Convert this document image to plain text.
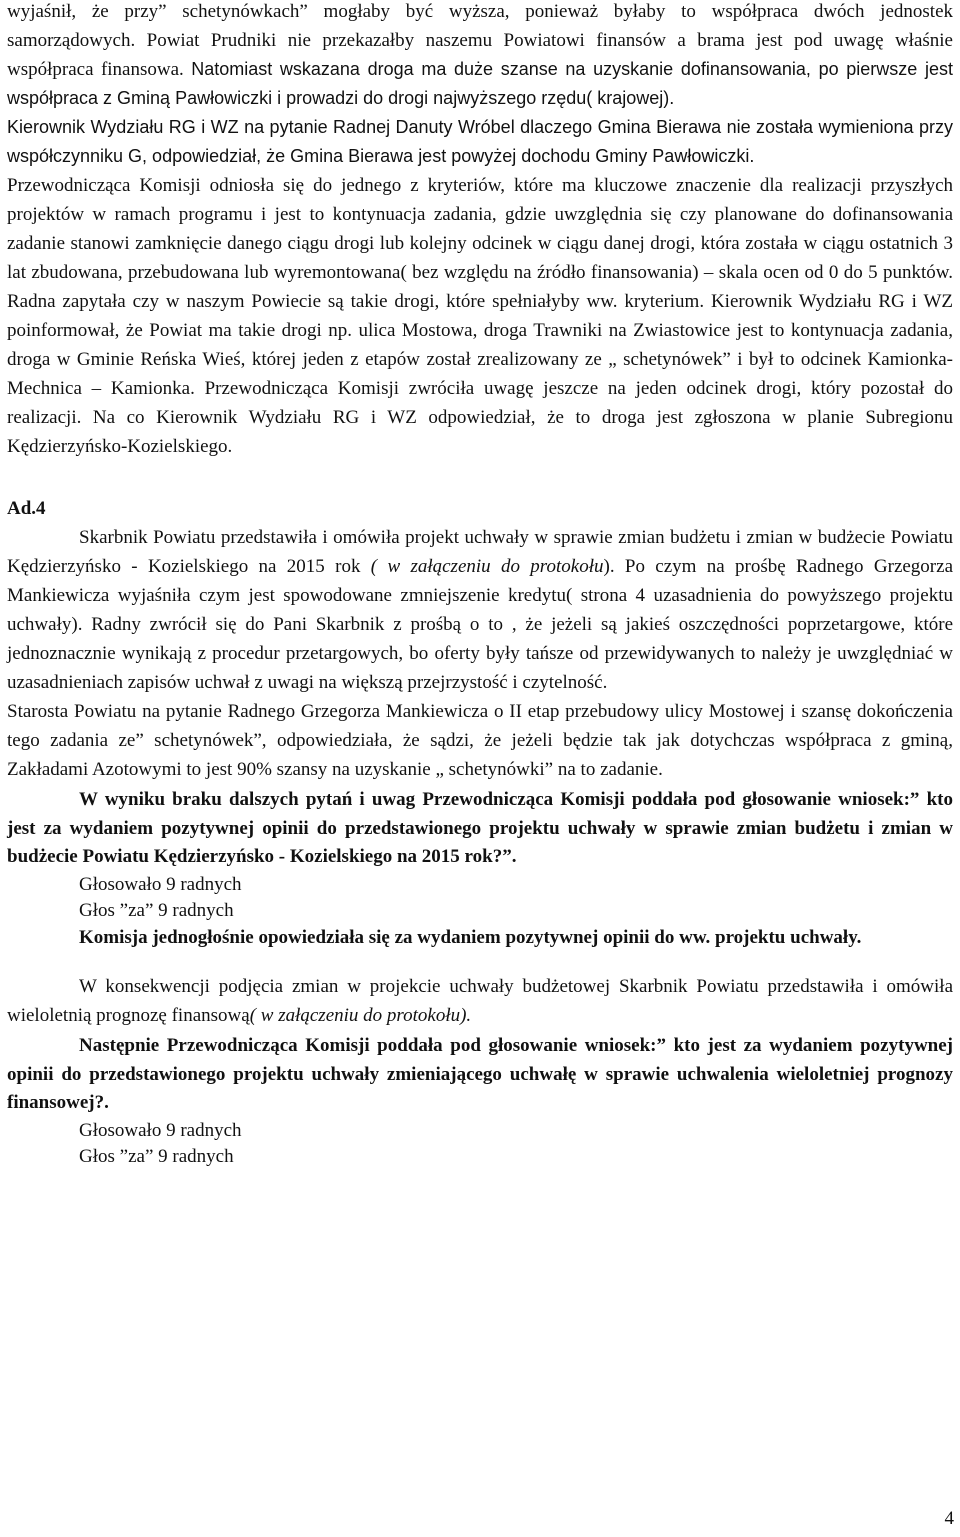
wyjaśnił, że przy” schetynówkach” mogłaby być wyższa, ponieważ byłaby to współpraca dwóch jednostek samorządowych. Powiat Prudniki nie przekazałby naszemu Powiatowi finansów a brama jest pod uwagę właśnie współpraca finansowa. Natomiast wskazana droga ma duże szanse na uzyskanie dofinansowania, po pierwsze jest współpraca z Gminą Pawłowiczki i prowadzi do drogi najwyższego rzędu( krajowej).

Kierownik Wydziału RG i WZ na pytanie Radnej Danuty Wróbel dlaczego Gmina Bierawa nie została wymieniona przy współczynniku G, odpowiedział, że Gmina Bierawa jest powyżej dochodu Gminy Pawłowiczki.

Przewodnicząca Komisji odniosła się do jednego z kryteriów, które ma kluczowe znaczenie dla realizacji przyszłych projektów w ramach programu i jest to kontynuacja zadania, gdzie uwzględnia się czy planowane do dofinansowania zadanie stanowi zamknięcie danego ciągu drogi lub kolejny odcinek w ciągu danej drogi, która została w ciągu ostatnich 3 lat zbudowana, przebudowana lub wyremontowana( bez względu na źródło finansowania) – skala ocen od 0 do 5 punktów. Radna zapytała czy w naszym Powiecie są takie drogi, które spełniałyby ww. kryterium. Kierownik Wydziału RG i WZ poinformował, że Powiat ma takie drogi np. ulica Mostowa, droga Trawniki na Zwiastowice jest to kontynuacja zadania, droga w Gminie Reńska Wieś, której jeden z etapów został zrealizowany ze „ schetynówek” i był to odcinek Kamionka- Mechnica – Kamionka. Przewodnicząca Komisji zwróciła uwagę jeszcze na jeden odcinek drogi, który pozostał do realizacji. Na co Kierownik Wydziału RG i WZ odpowiedział, że to droga jest zgłoszona w planie Subregionu Kędzierzyńsko-Kozielskiego.

Ad.4

Skarbnik Powiatu przedstawiła i omówiła projekt uchwały w sprawie zmian budżetu i zmian w budżecie Powiatu Kędzierzyńsko - Kozielskiego na 2015 rok ( w załączeniu do protokołu). Po czym na prośbę Radnego Grzegorza Mankiewicza wyjaśniła czym jest spowodowane zmniejszenie kredytu( strona 4 uzasadnienia do powyższego projektu uchwały). Radny zwrócił się do Pani Skarbnik z prośbą o to , że jeżeli są jakieś oszczędności poprzetargowe, które jednoznacznie wynikają z procedur przetargowych, bo oferty były tańsze od przewidywanych to należy je uwzględniać w uzasadnieniach zapisów uchwał z uwagi na większą przejrzystość i czytelność.

Starosta Powiatu na pytanie Radnego Grzegorza Mankiewicza o II etap przebudowy ulicy Mostowej i szansę dokończenia tego zadania ze” schetynówek”, odpowiedziała, że sądzi, że jeżeli będzie tak jak dotychczas współpraca z gminą, Zakładami Azotowymi to jest 90% szansy na uzyskanie „ schetynówki” na to zadanie.

W wyniku braku dalszych pytań i uwag Przewodnicząca Komisji poddała pod głosowanie wniosek:” kto jest za wydaniem pozytywnej opinii do przedstawionego projektu uchwały w sprawie zmian budżetu i zmian w budżecie Powiatu Kędzierzyńsko - Kozielskiego na 2015 rok?”.

Głosowało 9 radnych
Głos ”za” 9 radnych

Komisja jednogłośnie opowiedziała się za wydaniem pozytywnej opinii do ww. projektu uchwały.

W konsekwencji podjęcia zmian w projekcie uchwały budżetowej Skarbnik Powiatu przedstawiła i omówiła wieloletnią prognozę finansową( w załączeniu do protokołu).

Następnie Przewodnicząca Komisji poddała pod głosowanie wniosek:” kto jest za wydaniem pozytywnej opinii do przedstawionego projektu uchwały zmieniającego uchwałę w sprawie uchwalenia wieloletniej prognozy finansowej?.

Głosowało 9 radnych
Głos ”za” 9 radnych

4
